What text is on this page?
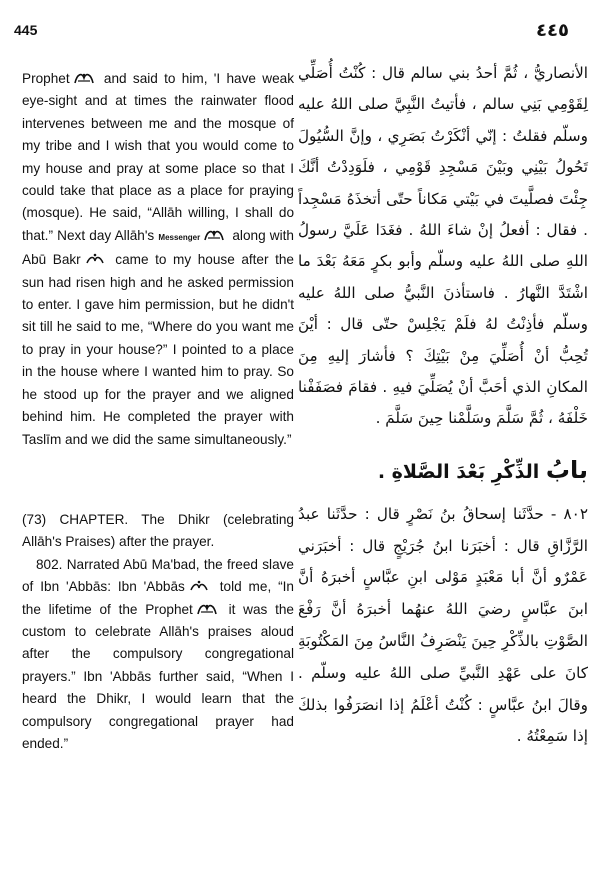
445	٤٤٥

Prophet
and said to him, 'I have weak eye-sight and at times the rainwater flood intervenes between me and the mosque of my tribe and I wish that you would come to my house and pray at some place so that I could take that place as a place for praying (mosque). He said, “Allāh willing, I shall do that.” Next day Allāh's Messenger
along with Abū Bakr
came to my house after the sun had risen high and he asked permission to enter. I gave him permission, but he didn't sit till he said to me, “Where do you want me to pray in your house?” I pointed to a place in the house where I wanted him to pray. So he stood up for the prayer and we aligned behind him. He completed the prayer with Taslīm and we did the same simultaneously.”

(73) CHAPTER. The Dhikr (celebrating Allāh's Praises) after the prayer.

802. Narrated Abū Ma'bad, the freed slave of Ibn 'Abbās: Ibn 'Abbās
told me, “In the lifetime of the Prophet
it was the custom to celebrate Allāh's praises aloud after the compulsory congregational prayers.” Ibn 'Abbās further said, “When I heard the Dhikr, I would learn that the compulsory congregational prayer had ended.”

الأنصاريُّ ، ثُمَّ أحدُ بني سالم قال : كُنْتُ أُصَلِّي لِقَوْمِي بَنِي سالم ، فأتيتُ النَّبِيَّ صلى اللهُ عليه وسلّم فقلتُ : إنّي أنْكَرْتُ بَصَرِي ، وإنَّ السُّيُولَ تَحُولُ بَيْنِي وبَيْنَ مَسْجِدِ قَوْمِي ، فلَوَدِدْتُ أنَّكَ جِئْتَ فصلَّيتَ في بَيْتي مَكاناً حتّى أتخذَهُ مَسْجِداً . فقال : أفعلُ إنْ شاءَ اللهُ . فغَدَا عَلَيَّ رسولُ اللهِ صلى اللهُ عليه وسلّم وأبو بكرٍ مَعَهُ بَعْدَ ما اشْتَدَّ النَّهارُ . فاستأذنَ النَّبيُّ صلى اللهُ عليه وسلّم فأذِنْتُ لهُ فلَمْ يَجْلِسْ حتّى قال : أيْنَ تُحِبُّ أنْ أُصَلِّيَ مِنْ بَيْتِكَ ؟ فأشارَ إليهِ مِنَ المكانِ الذي أحَبَّ أنْ يُصَلِّيَ فيهِ . فقامَ فصَفَفْنا خَلْفَهُ ، ثُمَّ سَلَّمَ وسَلَّمْنا حِينَ سَلَّمَ .

بابُ الذِّكْرِ بَعْدَ الصَّلاةِ .

٨٠٢ - حدَّثَنا إسحاقُ بنُ نَصْرٍ قال : حدَّثَنا عبدُ الرَّزَّاقِ قال : أخبَرَنا ابنُ جُرَيْجٍ قال : أخبَرَني عَمْرٌو أنَّ أبا مَعْبَدٍ مَوْلى ابنِ عبَّاسٍ أخبرَهُ أنَّ ابنَ عبَّاسٍ رضيَ اللهُ عنهُما أخبرَهُ أنَّ رَفْعَ الصَّوْتِ بالذِّكْرِ حِينَ يَنْصَرِفُ النَّاسُ مِنَ المَكْتُوبَةِ كانَ على عَهْدِ النَّبيِّ صلى اللهُ عليه وسلّم . وقالَ ابنُ عبَّاسٍ : كُنْتُ أعْلَمُ إذا انصَرَفُوا بذلكَ إذا سَمِعْتُهُ .
